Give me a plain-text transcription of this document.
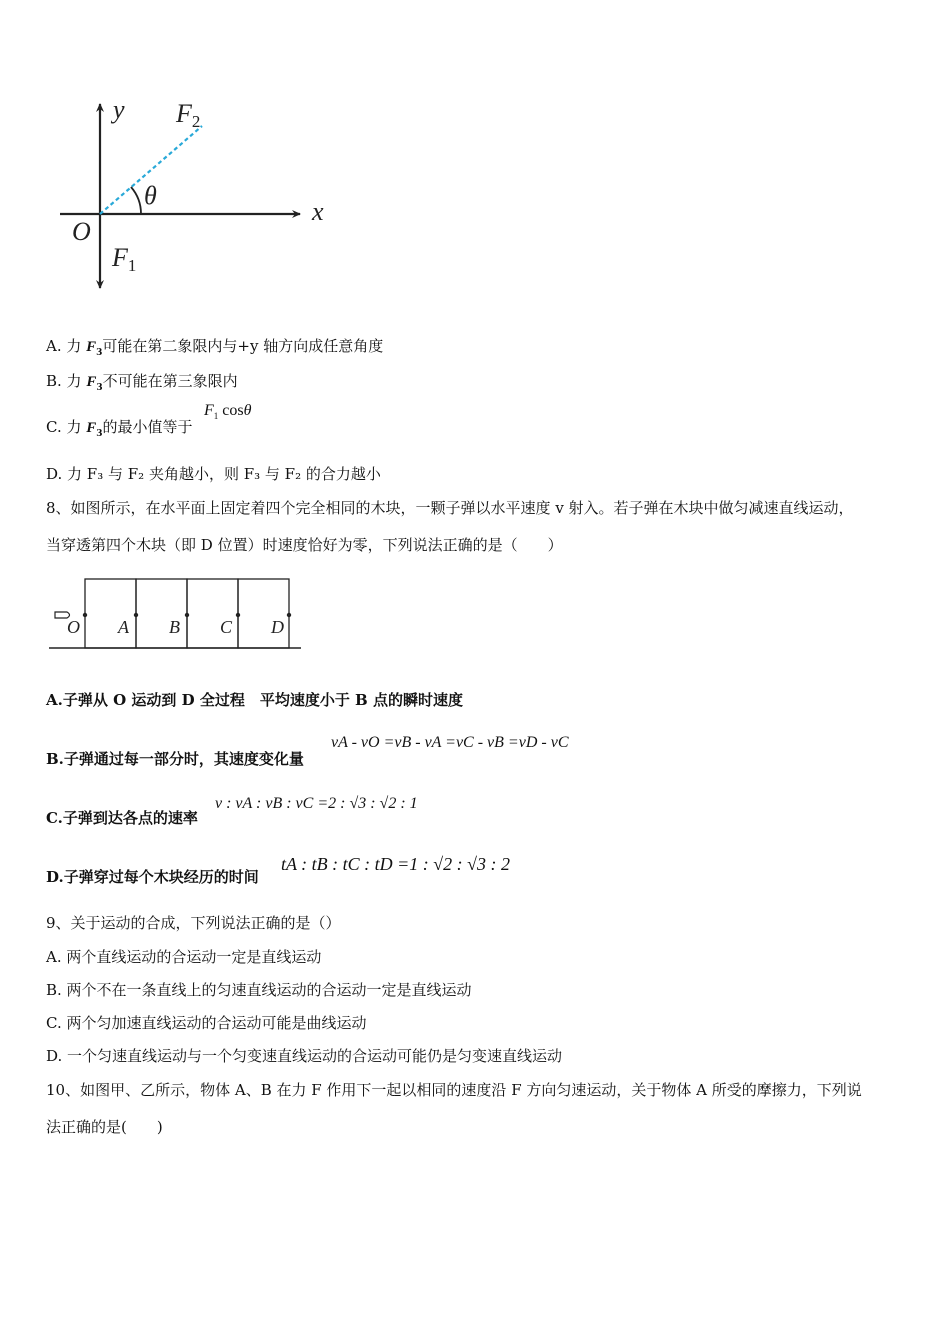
y
x
O
θ
F2
F1
A. 力 $F_3$可能在第二象限内与+y 轴方向成任意角度
B. 力 $F_3$不可能在第三象限内
C. 力 $F_3$的最小值等于
$F_1$ cosθ
D. 力 F₃ 与 F₂ 夹角越小，则 F₃ 与 F₂ 的合力越小
8、如图所示，在水平面上固定着四个完全相同的木块，一颗子弹以水平速度 v 射入。若子弹在木块中做匀减速直线运动，
当穿透第四个木块（即 D 位置）时速度恰好为零，下列说法正确的是（　　）
O A B C D
A.子弹从 O 运动到 D 全过程　平均速度小于 B 点的瞬时速度
B.子弹通过每一部分时，其速度变化量
vA - vO =vB - vA =vC - vB =vD - vC
C.子弹到达各点的速率
v : vA : vB : vC =2 : √3 : √2 : 1
D.子弹穿过每个木块经历的时间
tA : tB : tC : tD =1 : √2 : √3 : 2
9、关于运动的合成，下列说法正确的是（）
A. 两个直线运动的合运动一定是直线运动
B. 两个不在一条直线上的匀速直线运动的合运动一定是直线运动
C. 两个匀加速直线运动的合运动可能是曲线运动
D. 一个匀速直线运动与一个匀变速直线运动的合运动可能仍是匀变速直线运动
10、如图甲、乙所示，物体 A、B 在力 F 作用下一起以相同的速度沿 F 方向匀速运动，关于物体 A 所受的摩擦力，下列说
法正确的是(　　)
